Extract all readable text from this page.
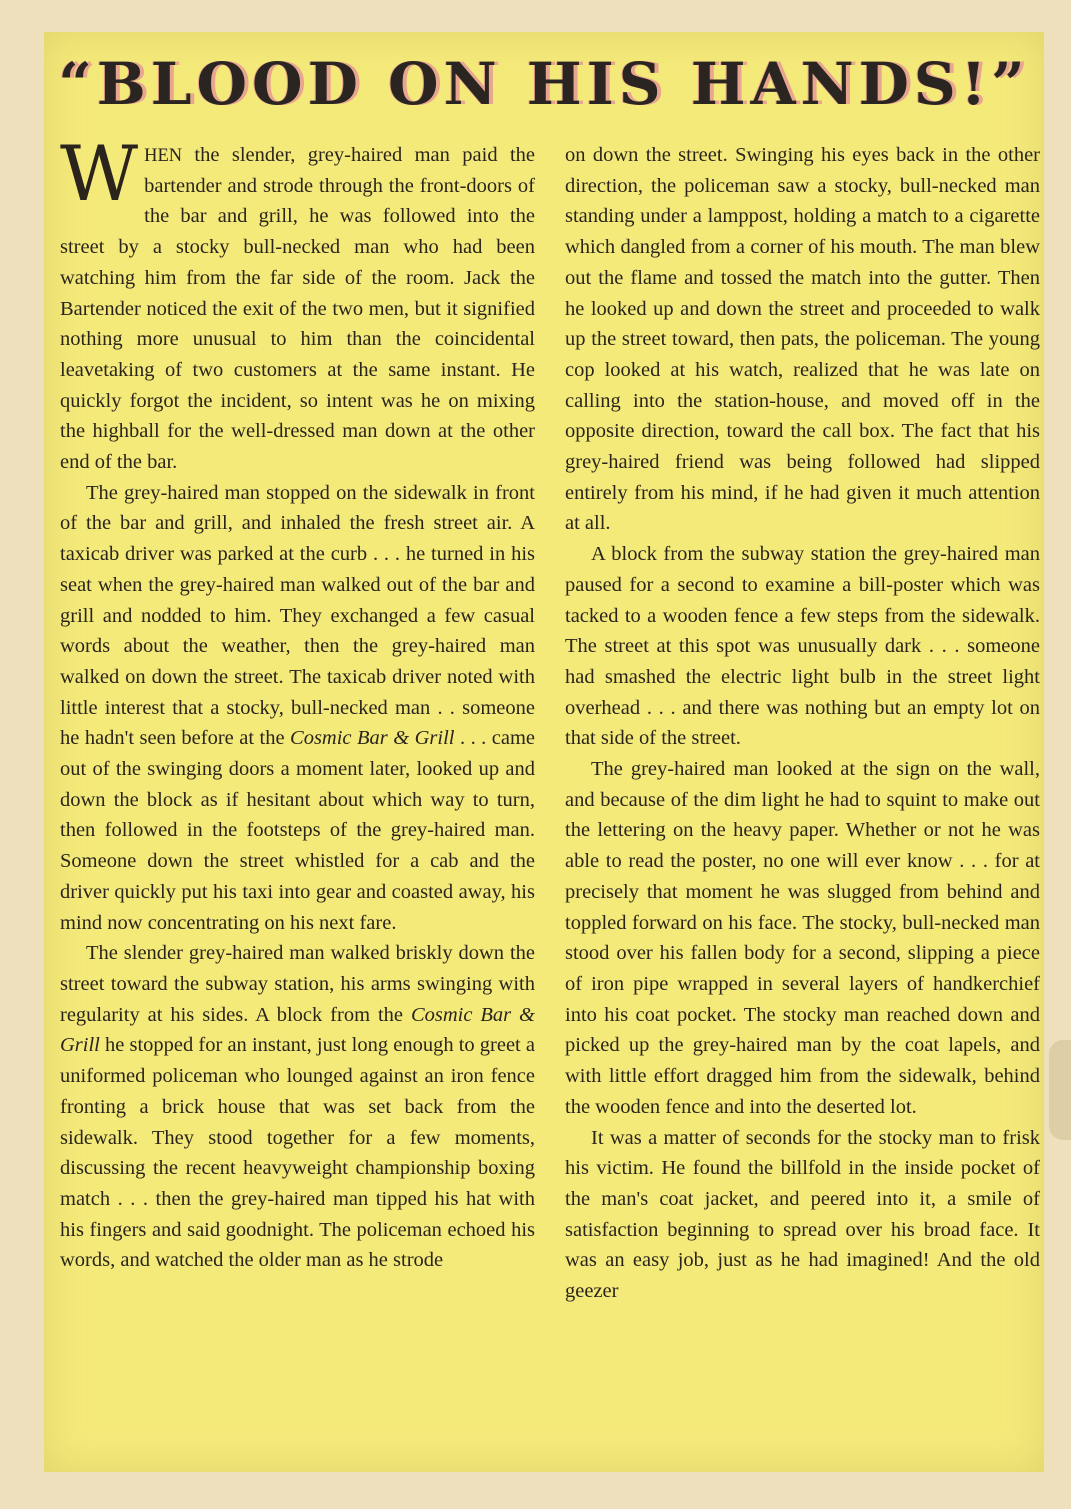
“BLOOD ON HIS HANDS!”

WHEN the slender, grey-haired man paid the bartender and strode through the front-doors of the bar and grill, he was followed into the street by a stocky bull-necked man who had been watching him from the far side of the room. Jack the Bartender noticed the exit of the two men, but it signified nothing more unusual to him than the coincidental leavetaking of two customers at the same instant. He quickly forgot the incident, so intent was he on mixing the highball for the well-dressed man down at the other end of the bar.

The grey-haired man stopped on the sidewalk in front of the bar and grill, and inhaled the fresh street air. A taxicab driver was parked at the curb . . . he turned in his seat when the grey-haired man walked out of the bar and grill and nodded to him. They exchanged a few casual words about the weather, then the grey-haired man walked on down the street. The taxicab driver noted with little interest that a stocky, bull-necked man . . someone he hadn't seen before at the Cosmic Bar & Grill . . . came out of the swinging doors a moment later, looked up and down the block as if hesitant about which way to turn, then followed in the footsteps of the grey-haired man. Someone down the street whistled for a cab and the driver quickly put his taxi into gear and coasted away, his mind now concentrating on his next fare.

The slender grey-haired man walked briskly down the street toward the subway station, his arms swinging with regularity at his sides. A block from the Cosmic Bar & Grill he stopped for an instant, just long enough to greet a uniformed policeman who lounged against an iron fence fronting a brick house that was set back from the sidewalk. They stood together for a few moments, discussing the recent heavyweight championship boxing match . . . then the grey-haired man tipped his hat with his fingers and said goodnight. The policeman echoed his words, and watched the older man as he strode

on down the street. Swinging his eyes back in the other direction, the policeman saw a stocky, bull-necked man standing under a lamppost, holding a match to a cigarette which dangled from a corner of his mouth. The man blew out the flame and tossed the match into the gutter. Then he looked up and down the street and proceeded to walk up the street toward, then pats, the policeman. The young cop looked at his watch, realized that he was late on calling into the station-house, and moved off in the opposite direction, toward the call box. The fact that his grey-haired friend was being followed had slipped entirely from his mind, if he had given it much attention at all.

A block from the subway station the grey-haired man paused for a second to examine a bill-poster which was tacked to a wooden fence a few steps from the sidewalk. The street at this spot was unusually dark . . . someone had smashed the electric light bulb in the street light overhead . . . and there was nothing but an empty lot on that side of the street.

The grey-haired man looked at the sign on the wall, and because of the dim light he had to squint to make out the lettering on the heavy paper. Whether or not he was able to read the poster, no one will ever know . . . for at precisely that moment he was slugged from behind and toppled forward on his face. The stocky, bull-necked man stood over his fallen body for a second, slipping a piece of iron pipe wrapped in several layers of handkerchief into his coat pocket. The stocky man reached down and picked up the grey-haired man by the coat lapels, and with little effort dragged him from the sidewalk, behind the wooden fence and into the deserted lot.

It was a matter of seconds for the stocky man to frisk his victim. He found the billfold in the inside pocket of the man's coat jacket, and peered into it, a smile of satisfaction beginning to spread over his broad face. It was an easy job, just as he had imagined! And the old geezer
